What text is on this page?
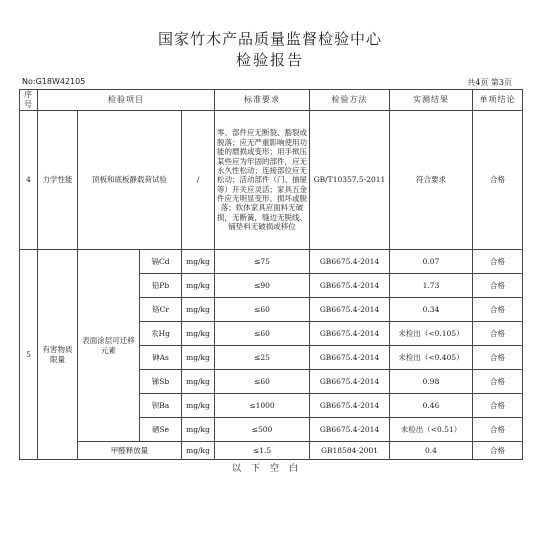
国家竹木产品质量监督检验中心
检验报告
No:G18W42105	共4页 第3页
序号	检验项目				标准要求	检验方法	实测结果	单项结论
4	力学性能	顶板和底板静载荷试验		/	零、部件应无断裂、豁裂或脱落；应无严重影响使用功能的磨损或变形；用手揿压某些应为牢固的部件，应无永久性松动；连接部位应无松动；活动部件（门、抽屉等）开关应灵活；家具五金件应无明显变形、损坏或脱落；软体家具应面料无破损，无断簧，缝边无脱线、铺垫料无破损或移位	GB/T10357.5-2011	符合要求	合格
5	有害物质限量	表面涂层可迁移元素	镉Cd	mg/kg	≤75	GB6675.4-2014	0.07	合格
			铅Pb	mg/kg	≤90	GB6675.4-2014	1.73	合格
			铬Cr	mg/kg	≤60	GB6675.4-2014	0.34	合格
			汞Hg	mg/kg	≤60	GB6675.4-2014	未检出（<0.105）	合格
			砷As	mg/kg	≤25	GB6675.4-2014	未检出（<0.405）	合格
			锑Sb	mg/kg	≤60	GB6675.4-2014	0.98	合格
			钡Ba	mg/kg	≤1000	GB6675.4-2014	0.46	合格
			硒Se	mg/kg	≤500	GB6675.4-2014	未检出（<0.51）	合格
		甲醛释放量		mg/kg	≤1.5	GB18584-2001	0.4	合格
以下空白
